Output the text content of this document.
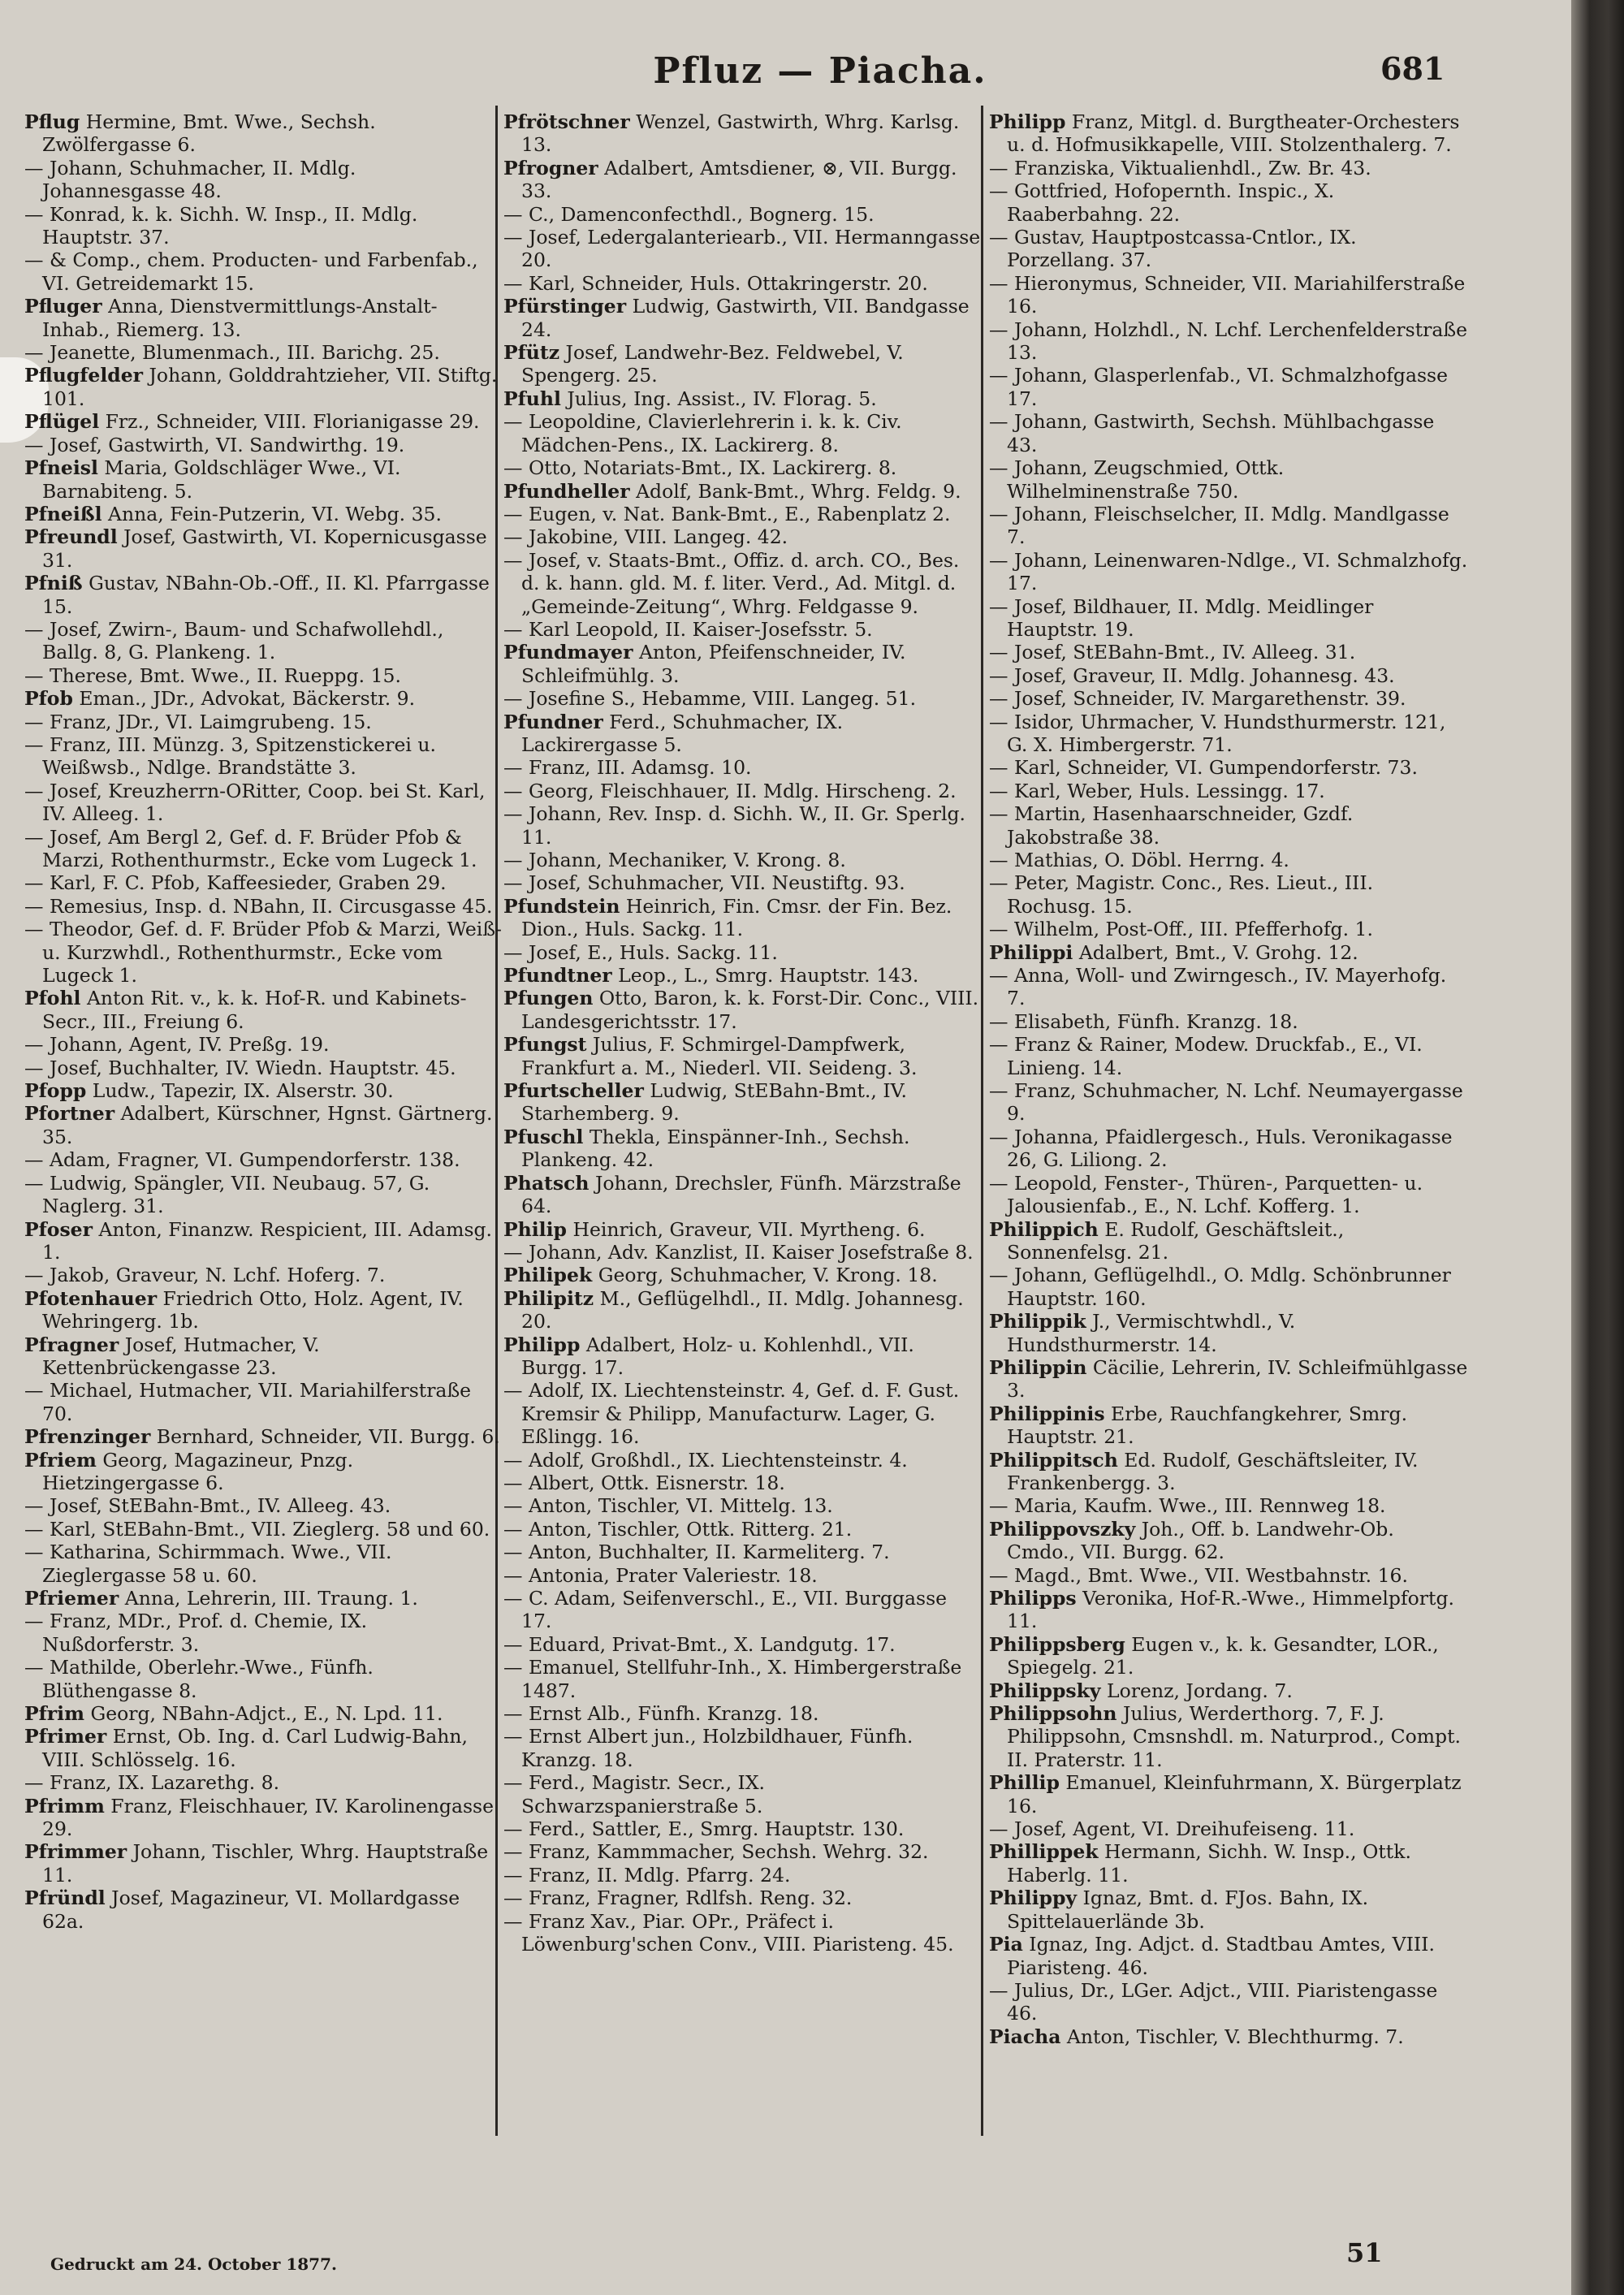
Pfluz — Piacha.	681
Pflug Hermine, Bmt. Wwe., Sechsh. Zwölfergasse 6.
— Johann, Schuhmacher, II. Mdlg. Johannesgasse 48.
— Konrad, k. k. Sichh. W. Insp., II. Mdlg. Hauptstr. 37.
— & Comp., chem. Producten- und Farbenfab., VI. Getreidemarkt 15.
Pfluger Anna, Dienstvermittlungs-Anstalt-Inhab., Riemerg. 13.
— Jeanette, Blumenmach., III. Barichg. 25.
Pflugfelder Johann, Golddrahtzieher, VII. Stiftg. 101.
Pflügel Frz., Schneider, VIII. Florianigasse 29.
— Josef, Gastwirth, VI. Sandwirthg. 19.
Pfneisl Maria, Goldschläger Wwe., VI. Barnabiteng. 5.
Pfneißl Anna, Fein-Putzerin, VI. Webg. 35.
Pfreundl Josef, Gastwirth, VI. Kopernicusgasse 31.
Pfniß Gustav, NBahn-Ob.-Off., II. Kl. Pfarrgasse 15.
— Josef, Zwirn-, Baum- und Schafwollehdl., Ballg. 8, G. Plankeng. 1.
— Therese, Bmt. Wwe., II. Rueppg. 15.
Pfob Eman., JDr., Advokat, Bäckerstr. 9.
— Franz, JDr., VI. Laimgrubeng. 15.
— Franz, III. Münzg. 3, Spitzenstickerei u. Weißwsb., Ndlge. Brandstätte 3.
— Josef, Kreuzherrn-ORitter, Coop. bei St. Karl, IV. Alleeg. 1.
— Josef, Am Bergl 2, Gef. d. F. Brüder Pfob & Marzi, Rothenthurmstr., Ecke vom Lugeck 1.
— Karl, F. C. Pfob, Kaffeesieder, Graben 29.
— Remesius, Insp. d. NBahn, II. Circusgasse 45.
— Theodor, Gef. d. F. Brüder Pfob & Marzi, Weiß- u. Kurzwhdl., Rothenthurmstr., Ecke vom Lugeck 1.
Pfohl Anton Rit. v., k. k. Hof-R. und Kabinets-Secr., III., Freiung 6.
— Johann, Agent, IV. Preßg. 19.
— Josef, Buchhalter, IV. Wiedn. Hauptstr. 45.
Pfopp Ludw., Tapezir, IX. Alserstr. 30.
Pfortner Adalbert, Kürschner, Hgnst. Gärtnerg. 35.
— Adam, Fragner, VI. Gumpendorferstr. 138.
— Ludwig, Spängler, VII. Neubaug. 57, G. Naglerg. 31.
Pfoser Anton, Finanzw. Respicient, III. Adamsg. 1.
— Jakob, Graveur, N. Lchf. Hoferg. 7.
Pfotenhauer Friedrich Otto, Holz. Agent, IV. Wehringerg. 1b.
Pfragner Josef, Hutmacher, V. Kettenbrückengasse 23.
— Michael, Hutmacher, VII. Mariahilferstraße 70.
Pfrenzinger Bernhard, Schneider, VII. Burgg. 6.
Pfriem Georg, Magazineur, Pnzg. Hietzingergasse 6.
— Josef, StEBahn-Bmt., IV. Alleeg. 43.
— Karl, StEBahn-Bmt., VII. Zieglerg. 58 und 60.
— Katharina, Schirmmach. Wwe., VII. Zieglergasse 58 u. 60.
Pfriemer Anna, Lehrerin, III. Traung. 1.
— Franz, MDr., Prof. d. Chemie, IX. Nußdorferstr. 3.
— Mathilde, Oberlehr.-Wwe., Fünfh. Blüthengasse 8.
Pfrim Georg, NBahn-Adjct., E., N. Lpd. 11.
Pfrimer Ernst, Ob. Ing. d. Carl Ludwig-Bahn, VIII. Schlösselg. 16.
— Franz, IX. Lazarethg. 8.
Pfrimm Franz, Fleischhauer, IV. Karolinengasse 29.
Pfrimmer Johann, Tischler, Whrg. Hauptstraße 11.
Pfründl Josef, Magazineur, VI. Mollardgasse 62a.
Pfrötschner Wenzel, Gastwirth, Whrg. Karlsg. 13.
Pfrogner Adalbert, Amtsdiener, ⊗, VII. Burgg. 33.
— C., Damenconfecthdl., Bognerg. 15.
— Josef, Ledergalanteriearb., VII. Hermanngasse 20.
— Karl, Schneider, Huls. Ottakringerstr. 20.
Pfürstinger Ludwig, Gastwirth, VII. Bandgasse 24.
Pfütz Josef, Landwehr-Bez. Feldwebel, V. Spengerg. 25.
Pfuhl Julius, Ing. Assist., IV. Florag. 5.
— Leopoldine, Clavierlehrerin i. k. k. Civ. Mädchen-Pens., IX. Lackirerg. 8.
— Otto, Notariats-Bmt., IX. Lackirerg. 8.
Pfundheller Adolf, Bank-Bmt., Whrg. Feldg. 9.
— Eugen, v. Nat. Bank-Bmt., E., Rabenplatz 2.
— Jakobine, VIII. Langeg. 42.
— Josef, v. Staats-Bmt., Offiz. d. arch. CO., Bes. d. k. hann. gld. M. f. liter. Verd., Ad. Mitgl. d. „Gemeinde-Zeitung“, Whrg. Feldgasse 9.
— Karl Leopold, II. Kaiser-Josefsstr. 5.
Pfundmayer Anton, Pfeifenschneider, IV. Schleifmühlg. 3.
— Josefine S., Hebamme, VIII. Langeg. 51.
Pfundner Ferd., Schuhmacher, IX. Lackirergasse 5.
— Franz, III. Adamsg. 10.
— Georg, Fleischhauer, II. Mdlg. Hirscheng. 2.
— Johann, Rev. Insp. d. Sichh. W., II. Gr. Sperlg. 11.
— Johann, Mechaniker, V. Krong. 8.
— Josef, Schuhmacher, VII. Neustiftg. 93.
Pfundstein Heinrich, Fin. Cmsr. der Fin. Bez. Dion., Huls. Sackg. 11.
— Josef, E., Huls. Sackg. 11.
Pfundtner Leop., L., Smrg. Hauptstr. 143.
Pfungen Otto, Baron, k. k. Forst-Dir. Conc., VIII. Landesgerichtsstr. 17.
Pfungst Julius, F. Schmirgel-Dampfwerk, Frankfurt a. M., Niederl. VII. Seideng. 3.
Pfurtscheller Ludwig, StEBahn-Bmt., IV. Starhemberg. 9.
Pfuschl Thekla, Einspänner-Inh., Sechsh. Plankeng. 42.
Phatsch Johann, Drechsler, Fünfh. Märzstraße 64.
Philip Heinrich, Graveur, VII. Myrtheng. 6.
— Johann, Adv. Kanzlist, II. Kaiser Josefstraße 8.
Philipek Georg, Schuhmacher, V. Krong. 18.
Philipitz M., Geflügelhdl., II. Mdlg. Johannesg. 20.
Philipp Adalbert, Holz- u. Kohlenhdl., VII. Burgg. 17.
— Adolf, IX. Liechtensteinstr. 4, Gef. d. F. Gust. Kremsir & Philipp, Manufacturw. Lager, G. Eßlingg. 16.
— Adolf, Großhdl., IX. Liechtensteinstr. 4.
— Albert, Ottk. Eisnerstr. 18.
— Anton, Tischler, VI. Mittelg. 13.
— Anton, Tischler, Ottk. Ritterg. 21.
— Anton, Buchhalter, II. Karmeliterg. 7.
— Antonia, Prater Valeriestr. 18.
— C. Adam, Seifenverschl., E., VII. Burggasse 17.
— Eduard, Privat-Bmt., X. Landgutg. 17.
— Emanuel, Stellfuhr-Inh., X. Himbergerstraße 1487.
— Ernst Alb., Fünfh. Kranzg. 18.
— Ernst Albert jun., Holzbildhauer, Fünfh. Kranzg. 18.
— Ferd., Magistr. Secr., IX. Schwarzspanierstraße 5.
— Ferd., Sattler, E., Smrg. Hauptstr. 130.
— Franz, Kammmacher, Sechsh. Wehrg. 32.
— Franz, II. Mdlg. Pfarrg. 24.
— Franz, Fragner, Rdlfsh. Reng. 32.
— Franz Xav., Piar. OPr., Präfect i. Löwenburg'schen Conv., VIII. Piaristeng. 45.
Philipp Franz, Mitgl. d. Burgtheater-Orchesters u. d. Hofmusikkapelle, VIII. Stolzenthalerg. 7.
— Franziska, Viktualienhdl., Zw. Br. 43.
— Gottfried, Hofopernth. Inspic., X. Raaberbahng. 22.
— Gustav, Hauptpostcassa-Cntlor., IX. Porzellang. 37.
— Hieronymus, Schneider, VII. Mariahilferstraße 16.
— Johann, Holzhdl., N. Lchf. Lerchenfelderstraße 13.
— Johann, Glasperlenfab., VI. Schmalzhofgasse 17.
— Johann, Gastwirth, Sechsh. Mühlbachgasse 43.
— Johann, Zeugschmied, Ottk. Wilhelminenstraße 750.
— Johann, Fleischselcher, II. Mdlg. Mandlgasse 7.
— Johann, Leinenwaren-Ndlge., VI. Schmalzhofg. 17.
— Josef, Bildhauer, II. Mdlg. Meidlinger Hauptstr. 19.
— Josef, StEBahn-Bmt., IV. Alleeg. 31.
— Josef, Graveur, II. Mdlg. Johannesg. 43.
— Josef, Schneider, IV. Margarethenstr. 39.
— Isidor, Uhrmacher, V. Hundsthurmerstr. 121, G. X. Himbergerstr. 71.
— Karl, Schneider, VI. Gumpendorferstr. 73.
— Karl, Weber, Huls. Lessingg. 17.
— Martin, Hasenhaarschneider, Gzdf. Jakobstraße 38.
— Mathias, O. Döbl. Herrng. 4.
— Peter, Magistr. Conc., Res. Lieut., III. Rochusg. 15.
— Wilhelm, Post-Off., III. Pfefferhofg. 1.
Philippi Adalbert, Bmt., V. Grohg. 12.
— Anna, Woll- und Zwirngesch., IV. Mayerhofg. 7.
— Elisabeth, Fünfh. Kranzg. 18.
— Franz & Rainer, Modew. Druckfab., E., VI. Linieng. 14.
— Franz, Schuhmacher, N. Lchf. Neumayergasse 9.
— Johanna, Pfaidlergesch., Huls. Veronikagasse 26, G. Liliong. 2.
— Leopold, Fenster-, Thüren-, Parquetten- u. Jalousienfab., E., N. Lchf. Kofferg. 1.
Philippich E. Rudolf, Geschäftsleit., Sonnenfelsg. 21.
— Johann, Geflügelhdl., O. Mdlg. Schönbrunner Hauptstr. 160.
Philippik J., Vermischtwhdl., V. Hundsthurmerstr. 14.
Philippin Cäcilie, Lehrerin, IV. Schleifmühlgasse 3.
Philippinis Erbe, Rauchfangkehrer, Smrg. Hauptstr. 21.
Philippitsch Ed. Rudolf, Geschäftsleiter, IV. Frankenbergg. 3.
— Maria, Kaufm. Wwe., III. Rennweg 18.
Philippovszky Joh., Off. b. Landwehr-Ob. Cmdo., VII. Burgg. 62.
— Magd., Bmt. Wwe., VII. Westbahnstr. 16.
Philipps Veronika, Hof-R.-Wwe., Himmelpfortg. 11.
Philippsberg Eugen v., k. k. Gesandter, LOR., Spiegelg. 21.
Philippsky Lorenz, Jordang. 7.
Philippsohn Julius, Werderthorg. 7, F. J. Philippsohn, Cmsnshdl. m. Naturprod., Compt. II. Praterstr. 11.
Phillip Emanuel, Kleinfuhrmann, X. Bürgerplatz 16.
— Josef, Agent, VI. Dreihufeiseng. 11.
Phillippek Hermann, Sichh. W. Insp., Ottk. Haberlg. 11.
Philippy Ignaz, Bmt. d. FJos. Bahn, IX. Spittelauerlände 3b.
Pia Ignaz, Ing. Adjct. d. Stadtbau Amtes, VIII. Piaristeng. 46.
— Julius, Dr., LGer. Adjct., VIII. Piaristengasse 46.
Piacha Anton, Tischler, V. Blechthurmg. 7.
Gedruckt am 24. October 1877.	51
